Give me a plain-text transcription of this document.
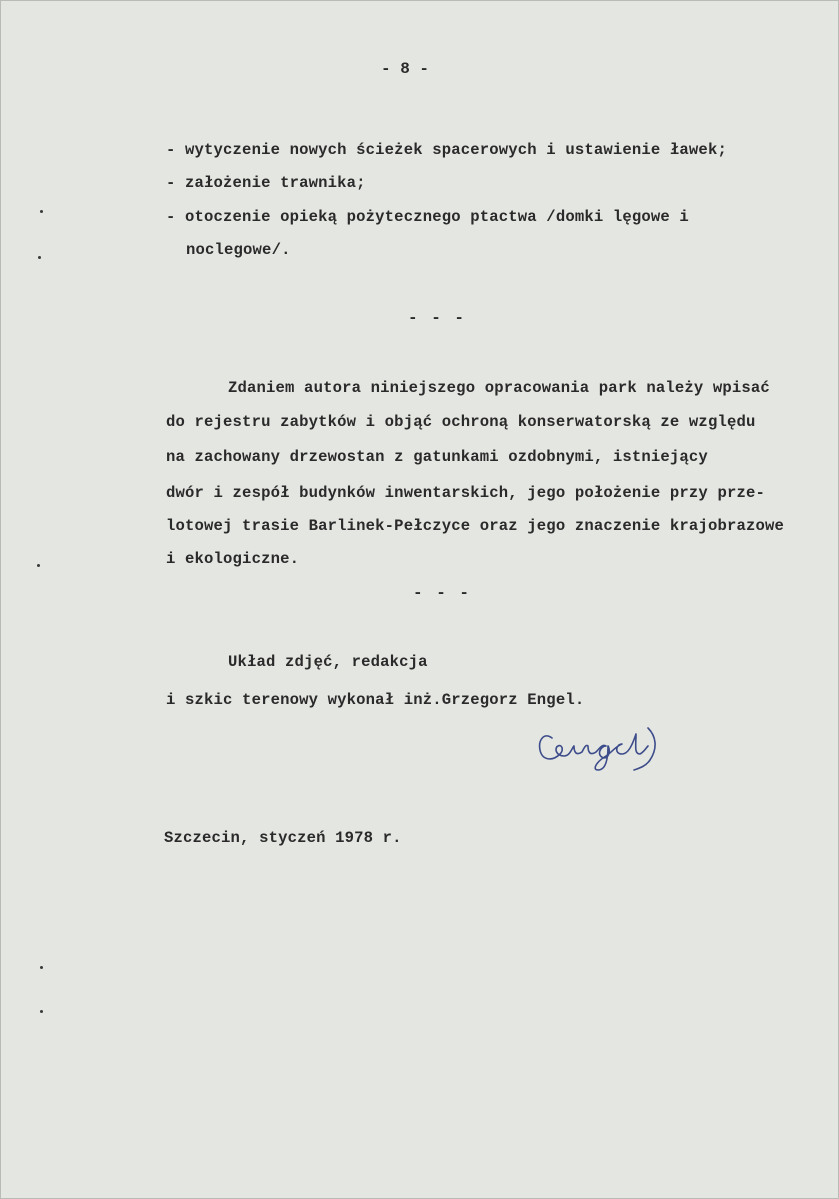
- 8 -
- wytyczenie nowych ścieżek spacerowych i ustawienie ławek;
- założenie trawnika;
- otoczenie opieką pożytecznego ptactwa /domki lęgowe i
noclegowe/.
- - -
Zdaniem autora niniejszego opracowania park należy wpisać
do rejestru zabytków i objąć ochroną konserwatorską ze względu
na zachowany drzewostan z gatunkami ozdobnymi, istniejący
dwór i zespół budynków inwentarskich, jego położenie przy prze-
lotowej trasie Barlinek-Pełczyce oraz jego znaczenie krajobrazowe
i ekologiczne.
- - -
Układ zdjęć, redakcja
i szkic terenowy wykonał inż.Grzegorz Engel.
Szczecin, styczeń 1978 r.
